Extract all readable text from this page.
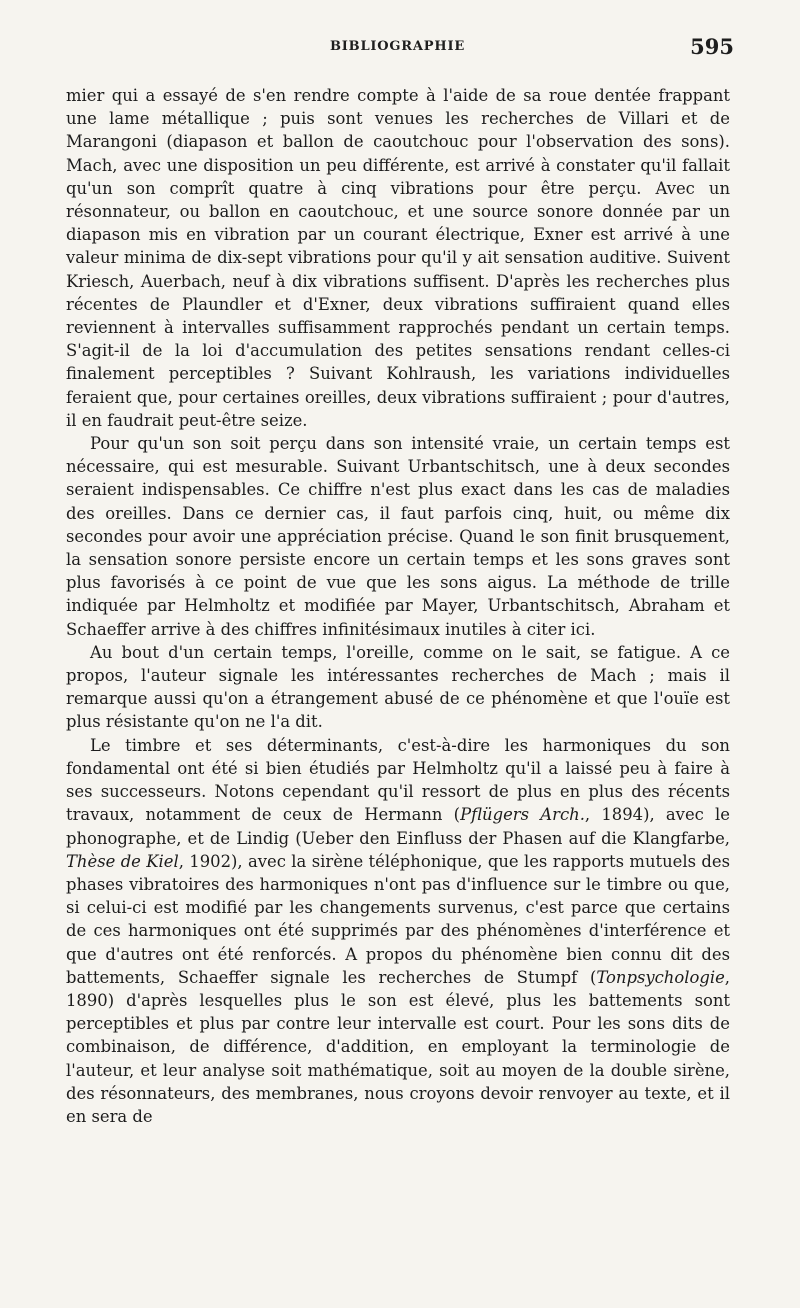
BIBLIOGRAPHIE	595

mier qui a essayé de s'en rendre compte à l'aide de sa roue dentée frappant une lame métallique ; puis sont venues les recherches de Villari et de Marangoni (diapason et ballon de caoutchouc pour l'observation des sons). Mach, avec une disposition un peu différente, est arrivé à constater qu'il fallait qu'un son comprît quatre à cinq vibrations pour être perçu. Avec un résonnateur, ou ballon en caoutchouc, et une source sonore donnée par un diapason mis en vibration par un courant électrique, Exner est arrivé à une valeur minima de dix-sept vibrations pour qu'il y ait sensation auditive. Suivent Kriesch, Auerbach, neuf à dix vibrations suffisent. D'après les recherches plus récentes de Plaundler et d'Exner, deux vibrations suffiraient quand elles reviennent à intervalles suffisamment rapprochés pendant un certain temps. S'agit-il de la loi d'accumulation des petites sensations rendant celles-ci finalement perceptibles ? Suivant Kohlraush, les variations individuelles feraient que, pour certaines oreilles, deux vibrations suffiraient ; pour d'autres, il en faudrait peut-être seize.

Pour qu'un son soit perçu dans son intensité vraie, un certain temps est nécessaire, qui est mesurable. Suivant Urbantschitsch, une à deux secondes seraient indispensables. Ce chiffre n'est plus exact dans les cas de maladies des oreilles. Dans ce dernier cas, il faut parfois cinq, huit, ou même dix secondes pour avoir une appréciation précise. Quand le son finit brusquement, la sensation sonore persiste encore un certain temps et les sons graves sont plus favorisés à ce point de vue que les sons aigus. La méthode de trille indiquée par Helmholtz et modifiée par Mayer, Urbantschitsch, Abraham et Schaeffer arrive à des chiffres infinitésimaux inutiles à citer ici.

Au bout d'un certain temps, l'oreille, comme on le sait, se fatigue. A ce propos, l'auteur signale les intéressantes recherches de Mach ; mais il remarque aussi qu'on a étrangement abusé de ce phénomène et que l'ouïe est plus résistante qu'on ne l'a dit.

Le timbre et ses déterminants, c'est-à-dire les harmoniques du son fondamental ont été si bien étudiés par Helmholtz qu'il a laissé peu à faire à ses successeurs. Notons cependant qu'il ressort de plus en plus des récents travaux, notamment de ceux de Hermann (Pflügers Arch., 1894), avec le phonographe, et de Lindig (Ueber den Einfluss der Phasen auf die Klangfarbe, Thèse de Kiel, 1902), avec la sirène téléphonique, que les rapports mutuels des phases vibratoires des harmoniques n'ont pas d'influence sur le timbre ou que, si celui-ci est modifié par les changements survenus, c'est parce que certains de ces harmoniques ont été supprimés par des phénomènes d'interférence et que d'autres ont été renforcés. A propos du phénomène bien connu dit des battements, Schaeffer signale les recherches de Stumpf (Tonpsychologie, 1890) d'après lesquelles plus le son est élevé, plus les battements sont perceptibles et plus par contre leur intervalle est court. Pour les sons dits de combinaison, de différence, d'addition, en employant la terminologie de l'auteur, et leur analyse soit mathématique, soit au moyen de la double sirène, des résonnateurs, des membranes, nous croyons devoir renvoyer au texte, et il en sera de
